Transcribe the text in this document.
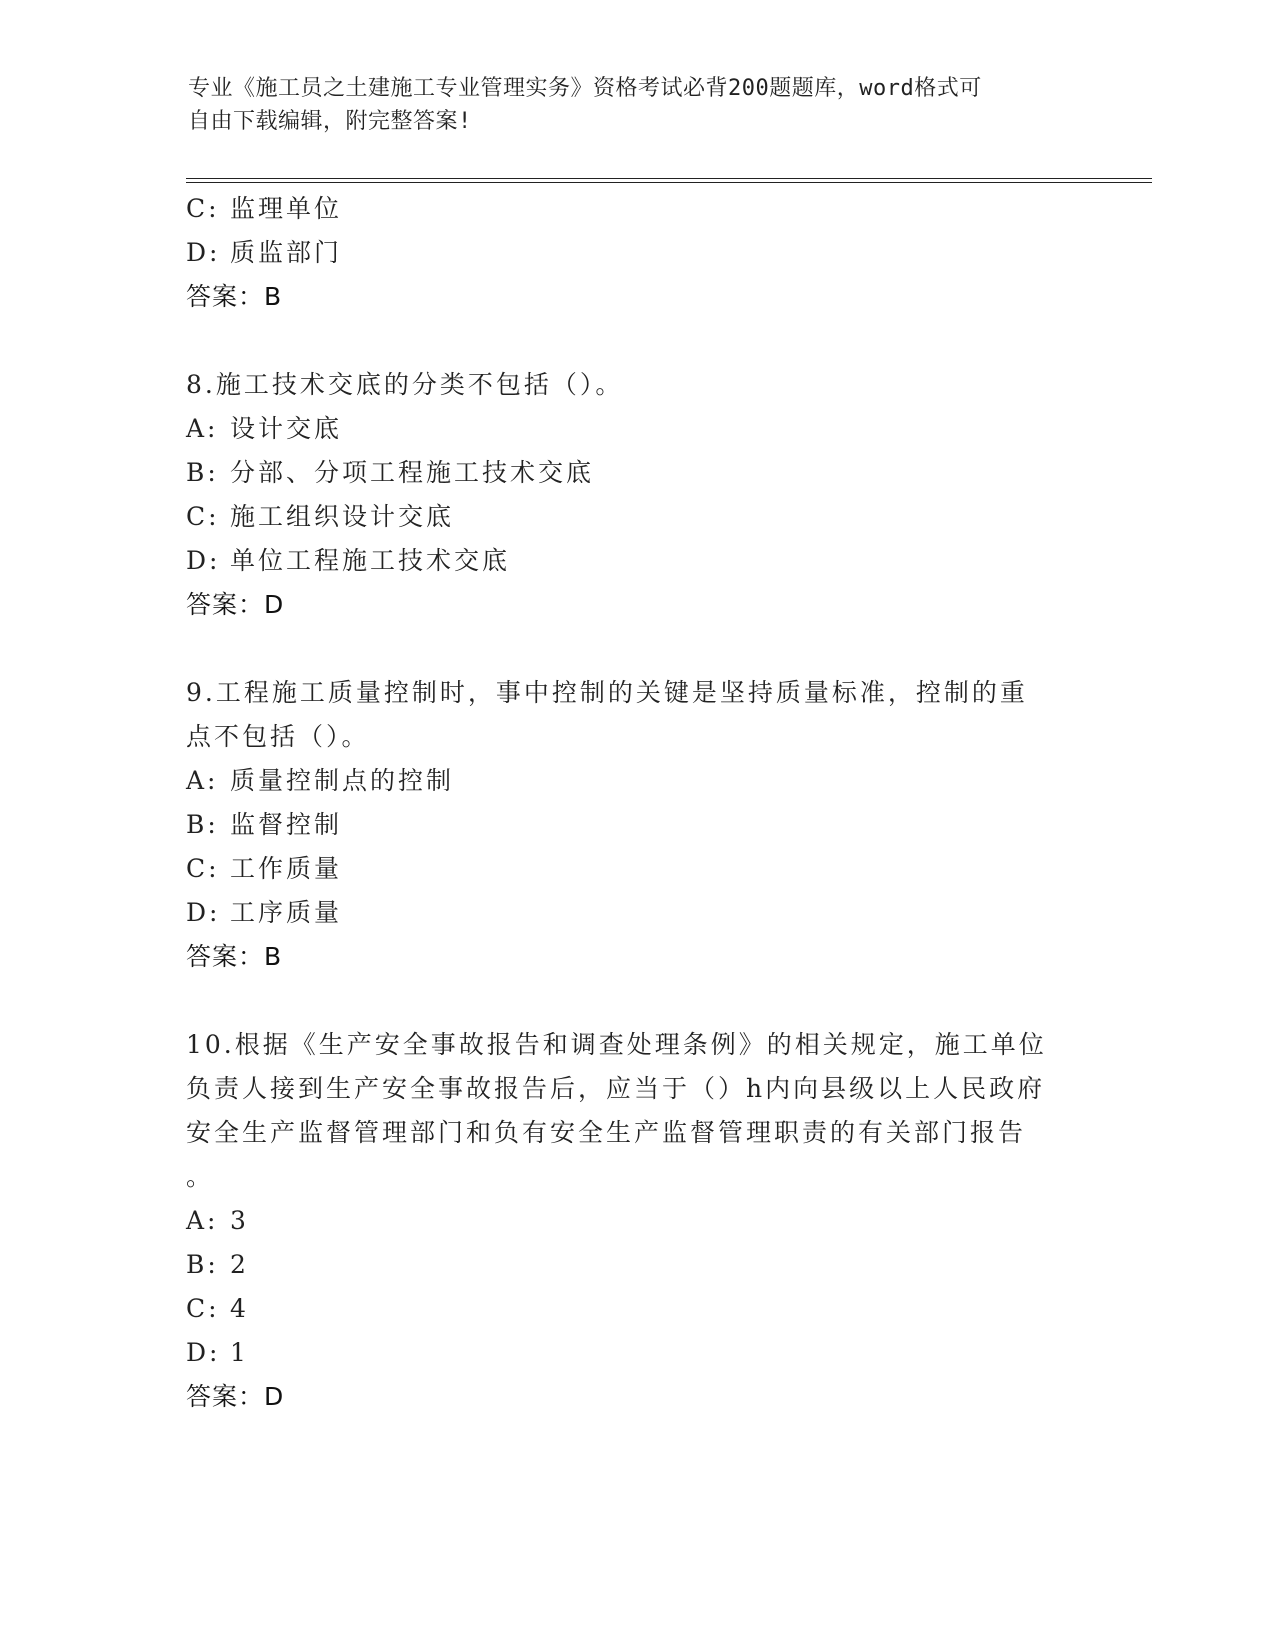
专业《施工员之土建施工专业管理实务》资格考试必背200题题库，word格式可
自由下载编辑，附完整答案!
C: 监理单位
D: 质监部门
答案：B
8.施工技术交底的分类不包括（）。
A: 设计交底
B: 分部、分项工程施工技术交底
C: 施工组织设计交底
D: 单位工程施工技术交底
答案：D
9.工程施工质量控制时，事中控制的关键是坚持质量标准，控制的重
点不包括（）。
A: 质量控制点的控制
B: 监督控制
C: 工作质量
D: 工序质量
答案：B
10.根据《生产安全事故报告和调查处理条例》的相关规定，施工单位
负责人接到生产安全事故报告后，应当于（）h内向县级以上人民政府
安全生产监督管理部门和负有安全生产监督管理职责的有关部门报告
。
A: 3
B: 2
C: 4
D: 1
答案：D
